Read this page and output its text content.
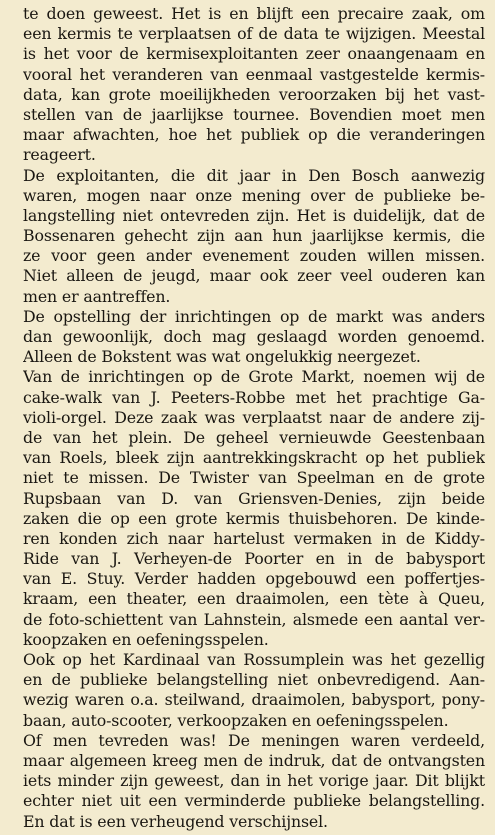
te doen geweest. Het is en blijft een precaire zaak, om
een kermis te verplaatsen of de data te wijzigen. Meestal
is het voor de kermisexploitanten zeer onaangenaam en
vooral het veranderen van eenmaal vastgestelde kermis-
data, kan grote moeilijkheden veroorzaken bij het vast-
stellen van de jaarlijkse tournee. Bovendien moet men
maar afwachten, hoe het publiek op die veranderingen
reageert.
De exploitanten, die dit jaar in Den Bosch aanwezig
waren, mogen naar onze mening over de publieke be-
langstelling niet ontevreden zijn. Het is duidelijk, dat de
Bossenaren gehecht zijn aan hun jaarlijkse kermis, die
ze voor geen ander evenement zouden willen missen.
Niet alleen de jeugd, maar ook zeer veel ouderen kan
men er aantreffen.
De opstelling der inrichtingen op de markt was anders
dan gewoonlijk, doch mag geslaagd worden genoemd.
Alleen de Bokstent was wat ongelukkig neergezet.
Van de inrichtingen op de Grote Markt, noemen wij de
cake-walk van J. Peeters-Robbe met het prachtige Ga-
violi-orgel. Deze zaak was verplaatst naar de andere zij-
de van het plein. De geheel vernieuwde Geestenbaan
van Roels, bleek zijn aantrekkingskracht op het publiek
niet te missen. De Twister van Speelman en de grote
Rupsbaan van D. van Griensven-Denies, zijn beide
zaken die op een grote kermis thuisbehoren. De kinde-
ren konden zich naar hartelust vermaken in de Kiddy-
Ride van J. Verheyen-de Poorter en in de babysport
van E. Stuy. Verder hadden opgebouwd een poffertjes-
kraam, een theater, een draaimolen, een tète à Queu,
de foto-schiettent van Lahnstein, alsmede een aantal ver-
koopzaken en oefeningsspelen.
Ook op het Kardinaal van Rossumplein was het gezellig
en de publieke belangstelling niet onbevredigend. Aan-
wezig waren o.a. steilwand, draaimolen, babysport, pony-
baan, auto-scooter, verkoopzaken en oefeningsspelen.
Of men tevreden was! De meningen waren verdeeld,
maar algemeen kreeg men de indruk, dat de ontvangsten
iets minder zijn geweest, dan in het vorige jaar. Dit blijkt
echter niet uit een verminderde publieke belangstelling.
En dat is een verheugend verschijnsel.
